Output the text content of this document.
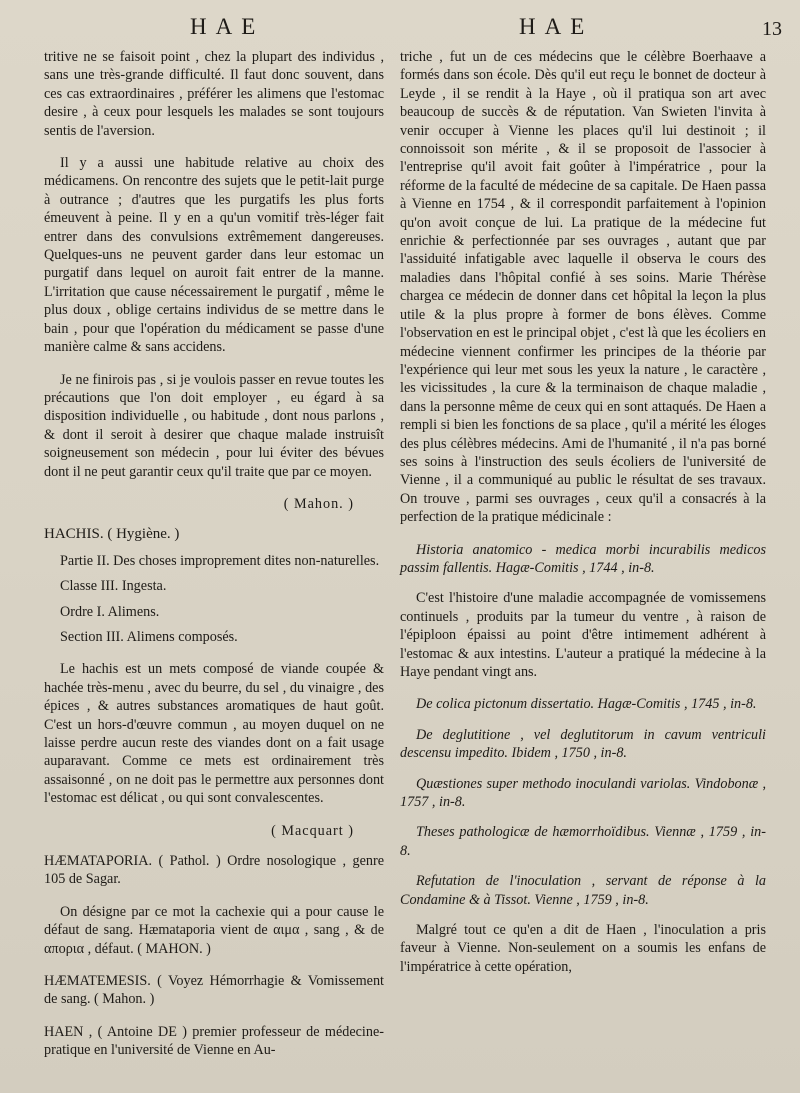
HAE	HAE	13

tritive ne se faisoit point , chez la plupart des individus , sans une très-grande difficulté. Il faut donc souvent, dans ces cas extraordinaires , préférer les alimens que l'estomac desire , à ceux pour lesquels les malades se sont toujours sentis de l'aversion.

Il y a aussi une habitude relative au choix des médicamens. On rencontre des sujets que le petit-lait purge à outrance ; d'autres que les purgatifs les plus forts émeuvent à peine. Il y en a qu'un vomitif très-léger fait entrer dans des convulsions extrêmement dangereuses. Quelques-uns ne peuvent garder dans leur estomac un purgatif dans lequel on auroit fait entrer de la manne. L'irritation que cause nécessairement le purgatif , même le plus doux , oblige certains individus de se mettre dans le bain , pour que l'opération du médicament se passe d'une manière calme & sans accidens.

Je ne finirois pas , si je voulois passer en revue toutes les précautions que l'on doit employer , eu égard à sa disposition individuelle , ou habitude , dont nous parlons , & dont il seroit à desirer que chaque malade instruisît soigneusement son médecin , pour lui éviter des bévues dont il ne peut garantir ceux qu'il traite que par ce moyen.

( Mahon. )
HACHIS. ( Hygiène. )
Partie II. Des choses improprement dites non-naturelles.
Classe III. Ingesta.
Ordre I. Alimens.
Section III. Alimens composés.

Le hachis est un mets composé de viande coupée & hachée très-menu , avec du beurre, du sel , du vinaigre , des épices , & autres substances aromatiques de haut goût. C'est un hors-d'œuvre commun , au moyen duquel on ne laisse perdre aucun reste des viandes dont on a fait usage auparavant. Comme ce mets est ordinairement très assaisonné , on ne doit pas le permettre aux personnes dont l'estomac est délicat , ou qui sont convalescentes.

( Macquart )

HÆMATAPORIA. ( Pathol. ) Ordre nosologique , genre 105 de Sagar.

On désigne par ce mot la cachexie qui a pour cause le défaut de sang. Hæmataporia vient de αιμα , sang , & de απορια , défaut. ( MAHON. )

HÆMATEMESIS. ( Voyez Hémorrhagie & Vomissement de sang. ( Mahon. )

HAEN , ( Antoine DE ) premier professeur de médecine-pratique en l'université de Vienne en Au-

triche , fut un de ces médecins que le célèbre Boerhaave a formés dans son école. Dès qu'il eut reçu le bonnet de docteur à Leyde , il se rendit à la Haye , où il pratiqua son art avec beaucoup de succès & de réputation. Van Swieten l'invita à venir occuper à Vienne les places qu'il lui destinoit ; il connoissoit son mérite , & il se proposoit de l'associer à l'entreprise qu'il avoit fait goûter à l'impératrice , pour la réforme de la faculté de médecine de sa capitale. De Haen passa à Vienne en 1754 , & il correspondit parfaitement à l'opinion qu'on avoit conçue de lui. La pratique de la médecine fut enrichie & perfectionnée par ses ouvrages , autant que par l'assiduité infatigable avec laquelle il observa le cours des maladies dans l'hôpital confié à ses soins. Marie Thérèse chargea ce médecin de donner dans cet hôpital la leçon la plus utile & la plus propre à former de bons élèves. Comme l'observation en est le principal objet , c'est là que les écoliers en médecine viennent confirmer les principes de la théorie par l'expérience qui leur met sous les yeux la nature , le caractère , les vicissitudes , la cure & la terminaison de chaque maladie , dans la personne même de ceux qui en sont attaqués. De Haen a rempli si bien les fonctions de sa place , qu'il a mérité les éloges des plus célèbres médecins. Ami de l'humanité , il n'a pas borné ses soins à l'instruction des seuls écoliers de l'université de Vienne , il a communiqué au public le résultat de ses travaux. On trouve , parmi ses ouvrages , ceux qu'il a consacrés à la perfection de la pratique médicinale :

Historia anatomico - medica morbi incurabilis medicos passim fallentis. Hagæ-Comitis , 1744 , in-8.

C'est l'histoire d'une maladie accompagnée de vomissemens continuels , produits par la tumeur du ventre , à raison de l'épiploon épaissi au point d'être intimement adhérent à l'estomac & aux intestins. L'auteur a pratiqué la médecine à la Haye pendant vingt ans.

De colica pictonum dissertatio. Hagæ-Comitis , 1745 , in-8.
De deglutitione , vel deglutitorum in cavum ventriculi descensu impedito. Ibidem , 1750 , in-8.
Quæstiones super methodo inoculandi variolas. Vindobonæ , 1757 , in-8.
Theses pathologicæ de hæmorrhoïdibus. Viennæ , 1759 , in-8.
Refutation de l'inoculation , servant de réponse à la Condamine & à Tissot. Vienne , 1759 , in-8.

Malgré tout ce qu'en a dit de Haen , l'inoculation a pris faveur à Vienne. Non-seulement on a soumis les enfans de l'impératrice à cette opération,
